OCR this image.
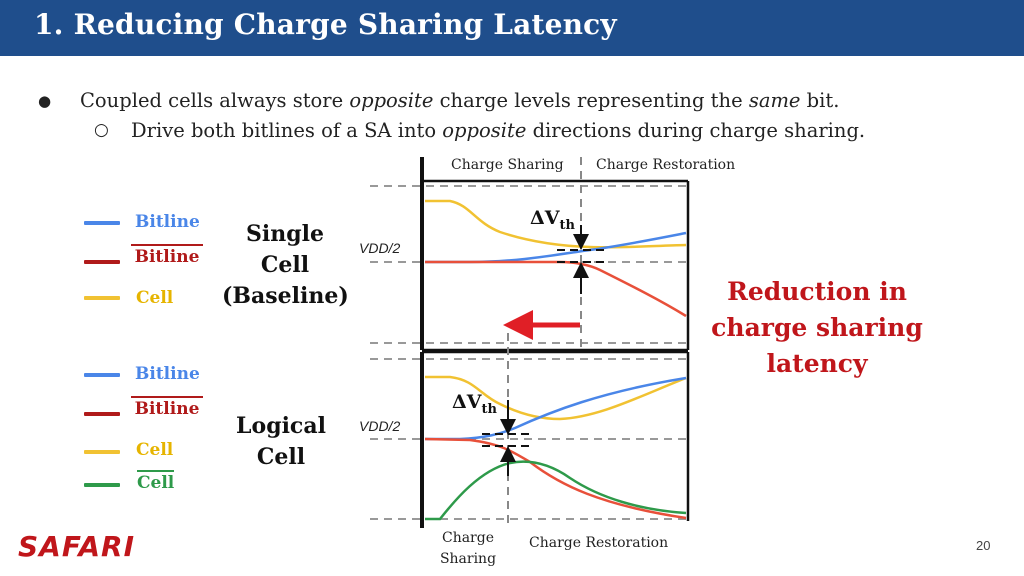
1. Reducing Charge Sharing Latency
● Coupled cells always store opposite charge levels representing the same bit.
○ Drive both bitlines of a SA into opposite directions during charge sharing.
Bitline
Bitline
Cell
Bitline
Bitline
Cell
Cell
Single
Cell
(Baseline)
Logical
Cell
Charge Sharing Charge Restoration
VDD/2
VDD/2
$\Delta V_{th}$
$\Delta V_{th}$
Charge
Sharing
Charge Restoration
Reduction in
charge sharing
latency
SAFARI	20
